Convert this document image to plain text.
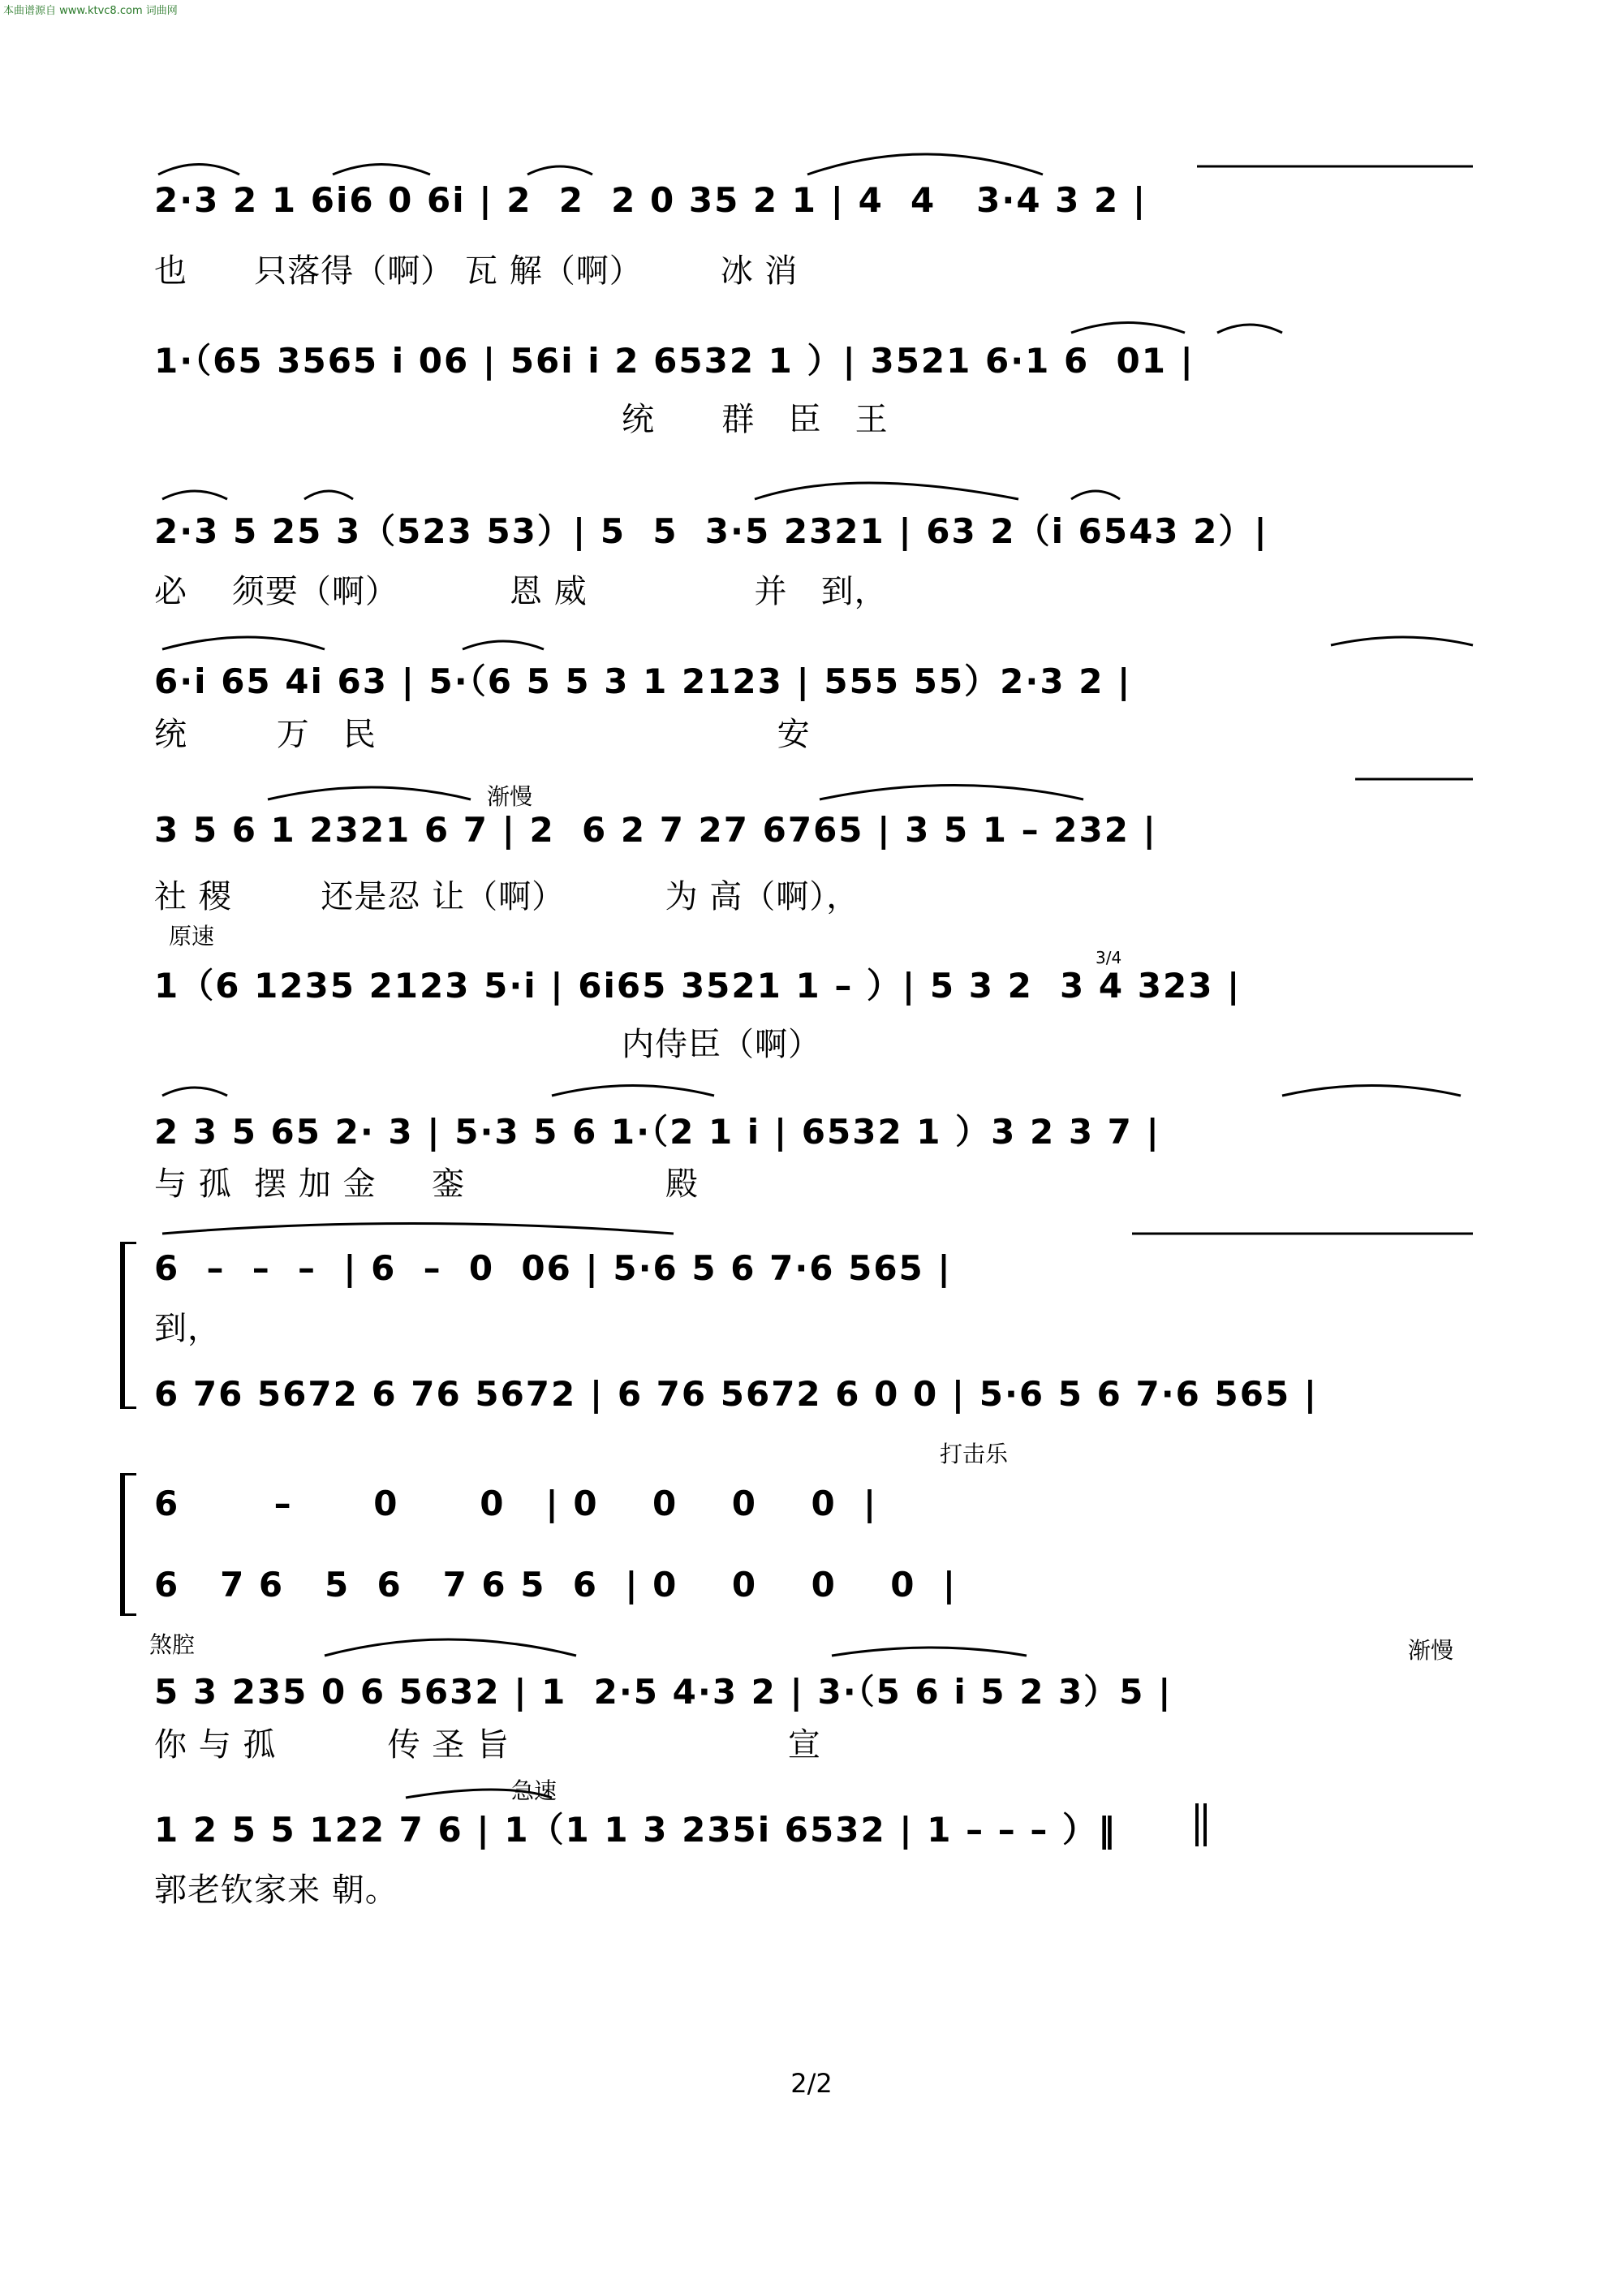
本曲谱源自 www.ktvc8.com 词曲网
2·3 2 1 6i6 0 6i | 2  2  2 0 35 2 1 | 4  4   3·4 3 2 |
也      只落得（啊） 瓦 解（啊）       冰 消
1·（65 3565 i 06 | 56i i 2 6532 1 ）| 3521 6·1 6  01 |
统      群   臣   王
2·3 5 25 3（523 53）| 5  5  3·5 2321 | 63 2（i 6543 2）|
必    须要（啊）          恩 威               并   到，
6·i 65 4i 63 | 5·（6 5 5 3 1 2123 | 555 55）2·3 2 |
统        万   民                                    安
渐慢
3 5 6 1 2321 6 7 | 2  6 2 7 27 6765 | 3 5 1 – 232 |
社 稷        还是忍 让（啊）         为 高（啊），
原速
3/4
1（6 1235 2123 5·i | 6i65 3521 1 – ）| 5 3 2  3 4 323 |
内侍臣（啊）
2 3 5 65 2· 3 | 5·3 5 6 1·（2 1 i | 6532 1 ）3 2 3 7 |
与 孤  摆 加 金     銮                  殿
6  –  –  –  | 6  –  0  06 | 5·6 5 6 7·6 565 |
到，
6 76 5672 6 76 5672 | 6 76 5672 6 0 0 | 5·6 5 6 7·6 565 |
打击乐
6       –      0      0   | 0    0    0    0  |
6   7 6   5  6   7 6 5  6  | 0    0    0    0  |
煞腔	渐慢
5 3 235 0 6 5632 | 1  2·5 4·3 2 | 3·（5 6 i 5 2 3）5 |
你 与 孤          传 圣 旨                         宣
急速
1 2 5 5 122 7 6 | 1（1 1 3 235i 6532 | 1 – – – ）‖
郭老钦家来 朝。
2/2
